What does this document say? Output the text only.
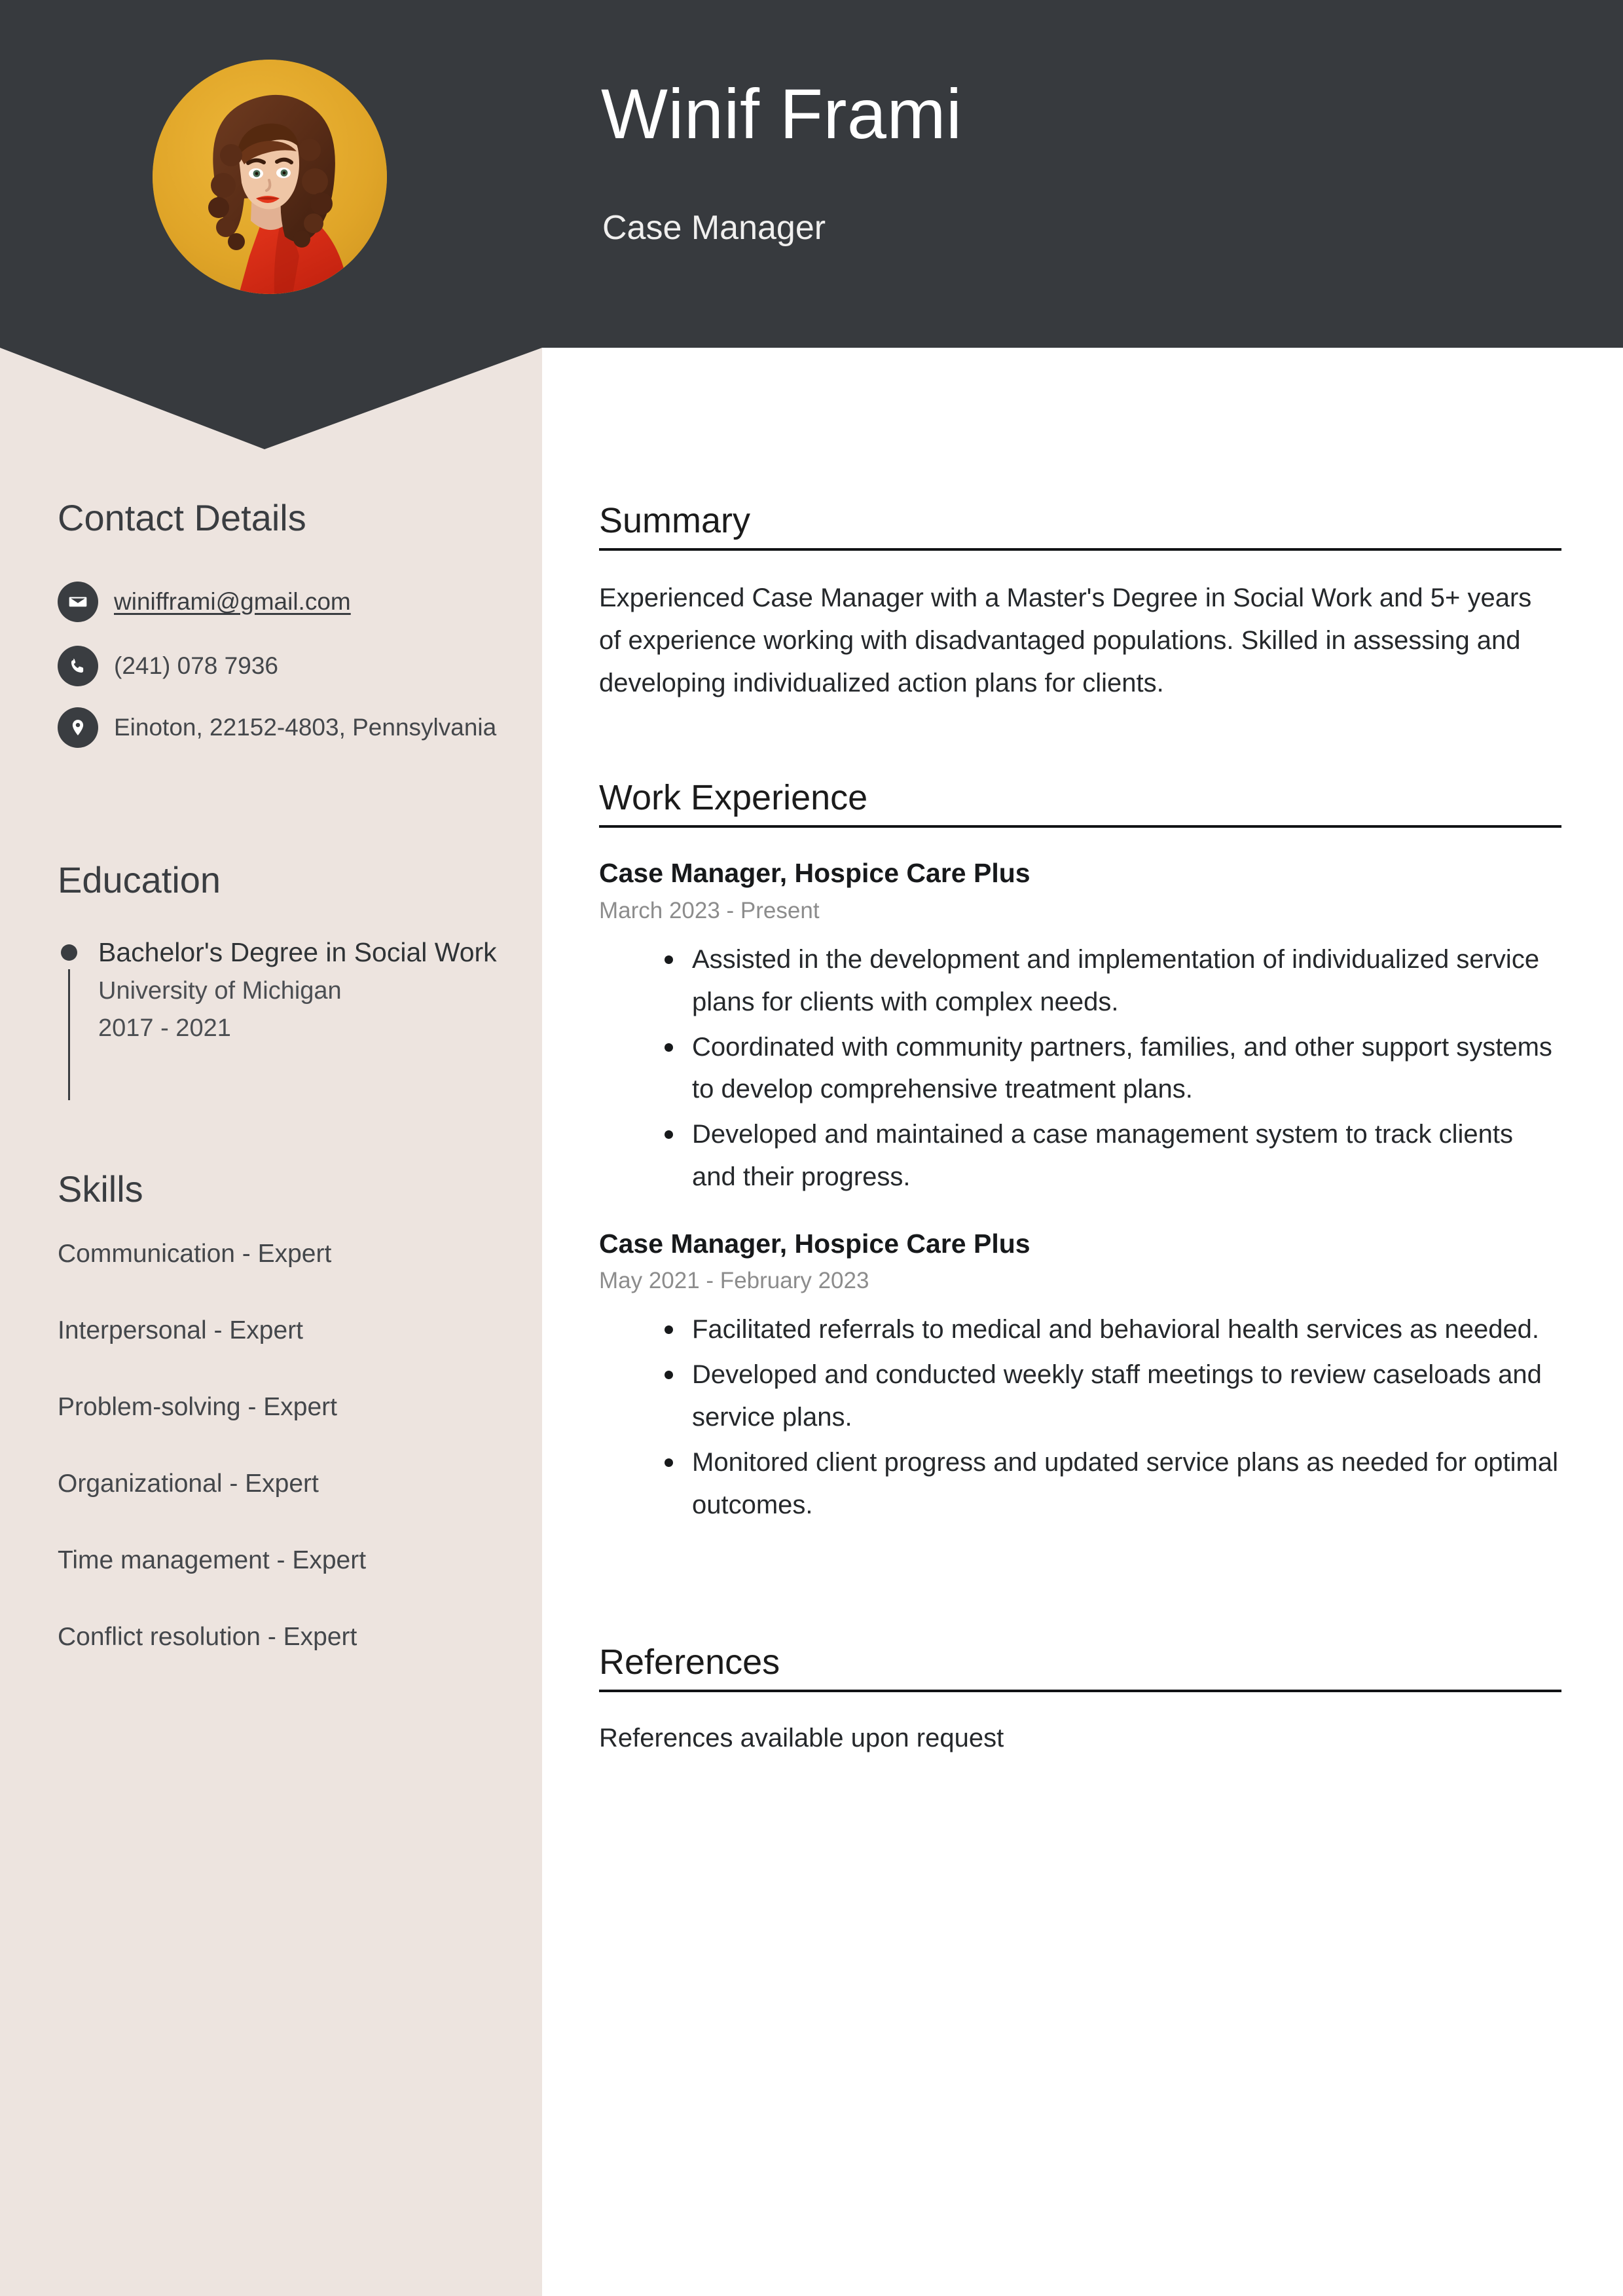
Winif Frami
Case Manager
Contact Details
winifframi@gmail.com
(241) 078 7936
Einoton, 22152-4803, Pennsylvania
Education
Bachelor's Degree in Social Work
University of Michigan
2017 - 2021
Skills
Communication - Expert
Interpersonal - Expert
Problem-solving - Expert
Organizational - Expert
Time management - Expert
Conflict resolution - Expert
Summary

Experienced Case Manager with a Master's Degree in Social Work and 5+ years of experience working with disadvantaged populations. Skilled in assessing and developing individualized action plans for clients.

Work Experience
Case Manager, Hospice Care Plus
March 2023 - Present
Assisted in the development and implementation of individualized service plans for clients with complex needs.
Coordinated with community partners, families, and other support systems to develop comprehensive treatment plans.
Developed and maintained a case management system to track clients and their progress.
Case Manager, Hospice Care Plus
May 2021 - February 2023
Facilitated referrals to medical and behavioral health services as needed.
Developed and conducted weekly staff meetings to review caseloads and service plans.
Monitored client progress and updated service plans as needed for optimal outcomes.
References

References available upon request
